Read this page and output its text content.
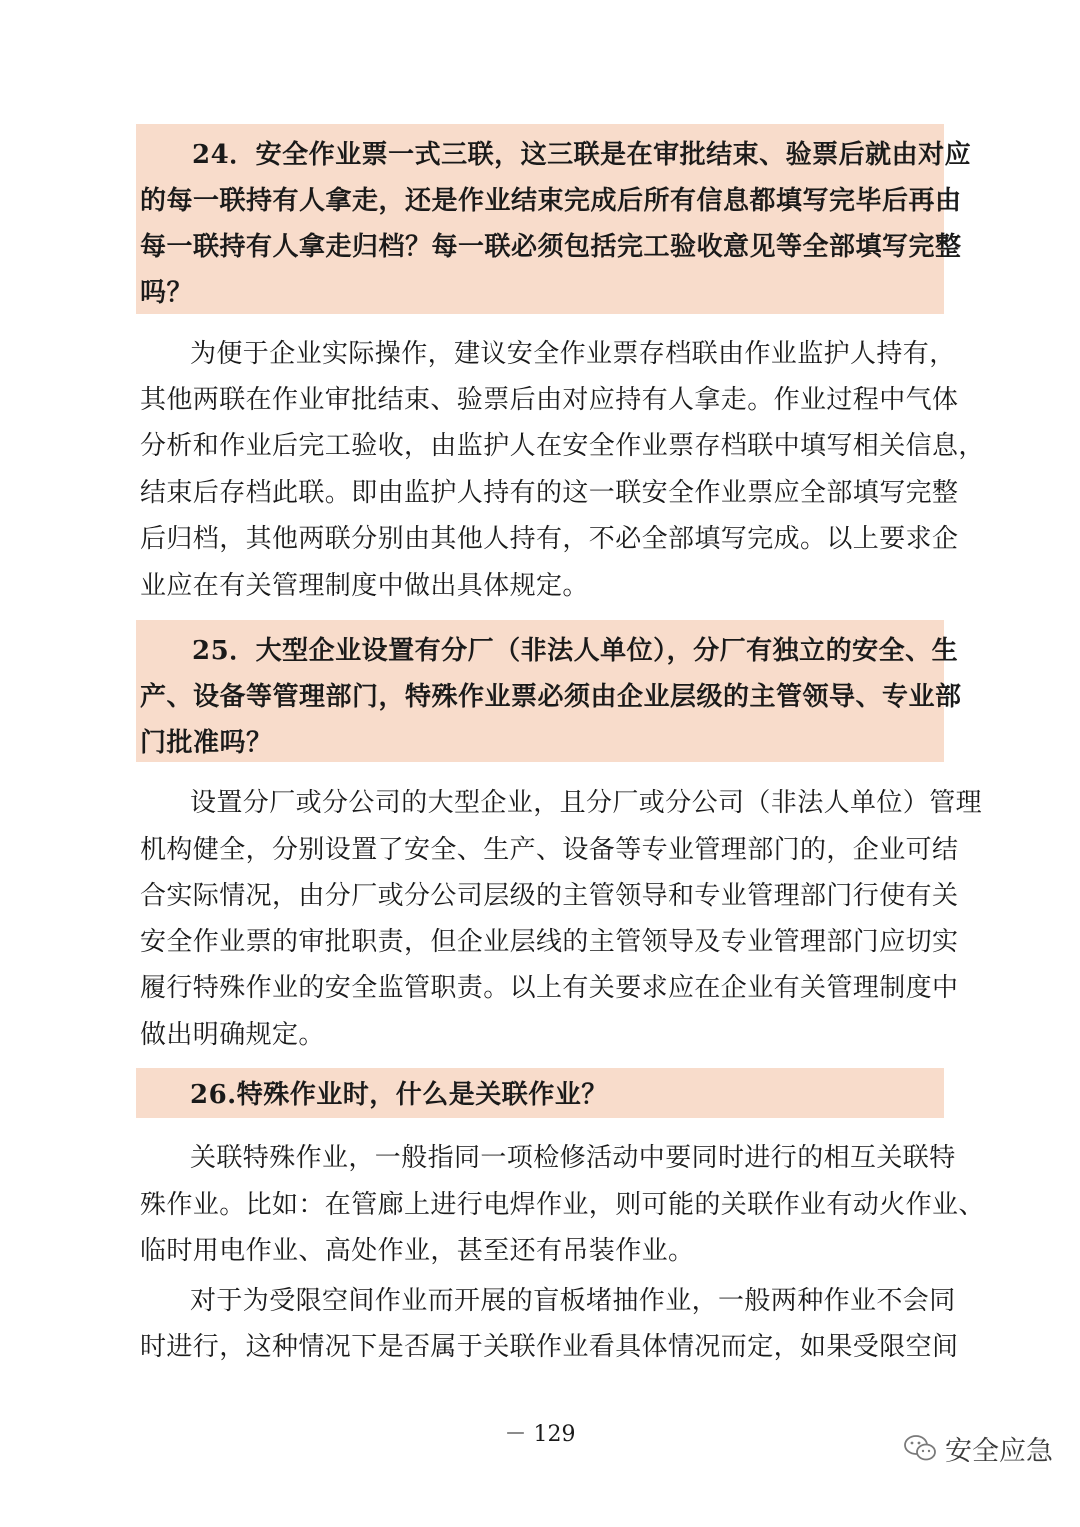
24．安全作业票一式三联，这三联是在审批结束、验票后就由对应
的每一联持有人拿走，还是作业结束完成后所有信息都填写完毕后再由
每一联持有人拿走归档？每一联必须包括完工验收意见等全部填写完整
吗？
为便于企业实际操作，建议安全作业票存档联由作业监护人持有，
其他两联在作业审批结束、验票后由对应持有人拿走。作业过程中气体
分析和作业后完工验收，由监护人在安全作业票存档联中填写相关信息，
结束后存档此联。即由监护人持有的这一联安全作业票应全部填写完整
后归档，其他两联分别由其他人持有，不必全部填写完成。以上要求企
业应在有关管理制度中做出具体规定。
25．大型企业设置有分厂（非法人单位），分厂有独立的安全、生
产、设备等管理部门，特殊作业票必须由企业层级的主管领导、专业部
门批准吗？
设置分厂或分公司的大型企业，且分厂或分公司（非法人单位）管理
机构健全，分别设置了安全、生产、设备等专业管理部门的，企业可结
合实际情况，由分厂或分公司层级的主管领导和专业管理部门行使有关
安全作业票的审批职责，但企业层线的主管领导及专业管理部门应切实
履行特殊作业的安全监管职责。以上有关要求应在企业有关管理制度中
做出明确规定。
26.特殊作业时，什么是关联作业？
关联特殊作业，一般指同一项检修活动中要同时进行的相互关联特
殊作业。比如：在管廊上进行电焊作业，则可能的关联作业有动火作业、
临时用电作业、高处作业，甚至还有吊装作业。
对于为受限空间作业而开展的盲板堵抽作业，一般两种作业不会同
时进行，这种情况下是否属于关联作业看具体情况而定，如果受限空间
－ 129
安全应急
